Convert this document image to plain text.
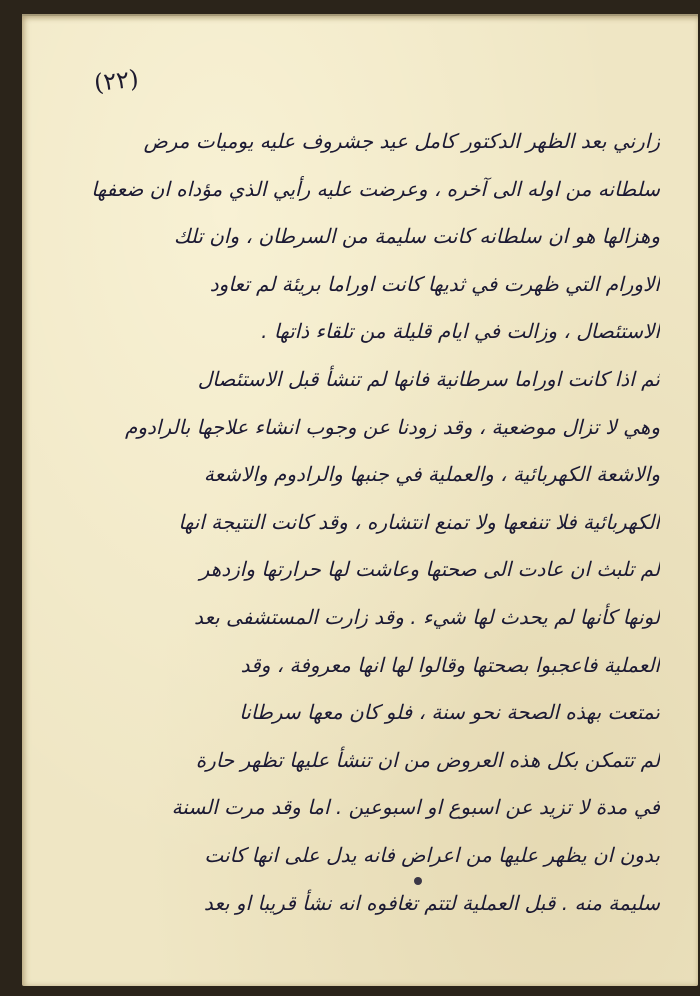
(٢٢)
زارني بعد الظهر الدكتور كامل عيد جشروف عليه يوميات مرض
سلطانه من اوله الى آخره ، وعرضت عليه رأيي الذي مؤداه ان ضعفها
وهزالها هو ان سلطانه كانت سليمة من السرطان ، وان تلك
الاورام التي ظهرت في ثديها كانت اوراما بريئة لم تعاود
الاستئصال ، وزالت في ايام قليلة من تلقاء ذاتها .
ثم اذا كانت اوراما سرطانية فانها لم تنشأ قبل الاستئصال
وهي لا تزال موضعية ، وقد زودنا عن وجوب انشاء علاجها بالرادوم
والاشعة الكهربائية ، والعملية في جنبها والرادوم والاشعة
الكهربائية فلا تنفعها ولا تمنع انتشاره ، وقد كانت النتيجة انها
لم تلبث ان عادت الى صحتها وعاشت لها حرارتها وازدهر
لونها كأنها لم يحدث لها شيء . وقد زارت المستشفى بعد
العملية فاعجبوا بصحتها وقالوا لها انها معروفة ، وقد
تمتعت بهذه الصحة نحو سنة ، فلو كان معها سرطانا
لم تتمكن بكل هذه العروض من ان تنشأ عليها تظهر حارة
في مدة لا تزيد عن اسبوع او اسبوعين . اما وقد مرت السنة
بدون ان يظهر عليها من اعراض فانه يدل على انها كانت
سليمة منه . قبل العملية لتتم تغافوه انه نشأ قريبا او بعد
